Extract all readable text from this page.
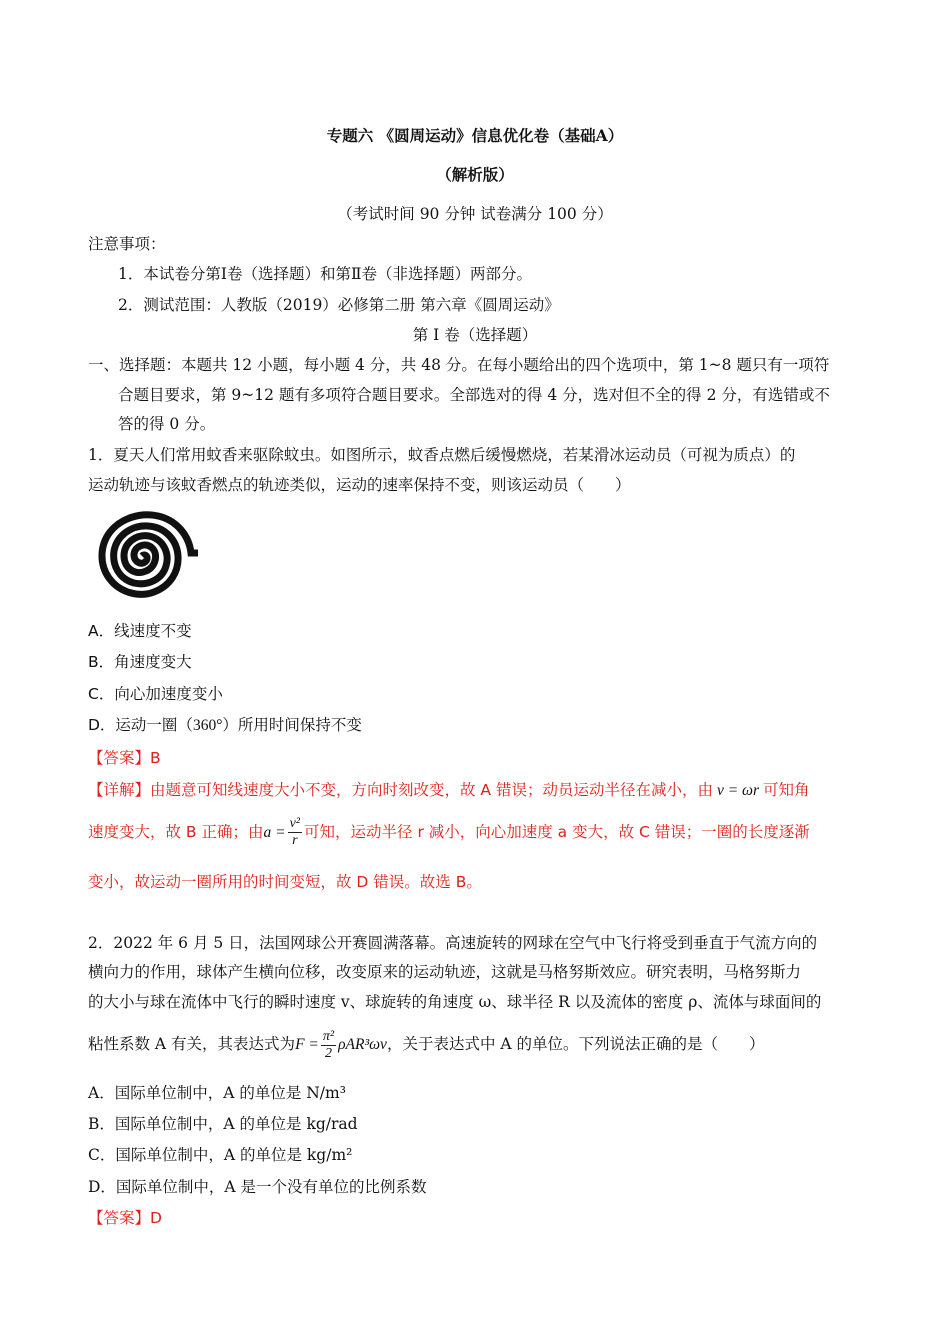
专题六 《圆周运动》信息优化卷（基础A）
（解析版）
（考试时间 90 分钟 试卷满分 100 分）
注意事项：
1．本试卷分第Ⅰ卷（选择题）和第Ⅱ卷（非选择题）两部分。
2．测试范围：人教版（2019）必修第二册 第六章《圆周运动》
第 Ⅰ 卷（选择题）
一、选择题：本题共 12 小题，每小题 4 分，共 48 分。在每小题给出的四个选项中，第 1~8 题只有一项符
合题目要求，第 9~12 题有多项符合题目要求。全部选对的得 4 分，选对但不全的得 2 分，有选错或不
答的得 0 分。
1．夏天人们常用蚊香来驱除蚊虫。如图所示，蚊香点燃后缓慢燃烧，若某滑冰运动员（可视为质点）的
运动轨迹与该蚊香燃点的轨迹类似，运动的速率保持不变，则该运动员（　　）
A．线速度不变
B．角速度变大
C．向心加速度变小
D．运动一圈（360°）所用时间保持不变
【答案】B
【详解】由题意可知线速度大小不变，方向时刻改变，故 A 错误；动员运动半径在减小，由 v = ωr 可知角
速度变大，故 B 正确；由$a = \frac{\text{v²}}{r}$ 可知，运动半径 r 减小，向心加速度 a 变大，故 C 错误；一圈的长度逐渐
变小，故运动一圈所用的时间变短，故 D 错误。故选 B。
2．2022 年 6 月 5 日，法国网球公开赛圆满落幕。高速旋转的网球在空气中飞行将受到垂直于气流方向的
横向力的作用，球体产生横向位移，改变原来的运动轨迹，这就是马格努斯效应。研究表明，马格努斯力
的大小与球在流体中飞行的瞬时速度 v、球旋转的角速度 ω、球半径 R 以及流体的密度 ρ、流体与球面间的
粘性系数 A 有关，其表达式为$F = \frac{\text{π²}}{2} \rho AR^3\omega v$，关于表达式中 A 的单位。下列说法正确的是（　　）
A．国际单位制中，A 的单位是 N/m³
B．国际单位制中，A 的单位是 kg/rad
C．国际单位制中，A 的单位是 kg/m²
D．国际单位制中，A 是一个没有单位的比例系数
【答案】D
